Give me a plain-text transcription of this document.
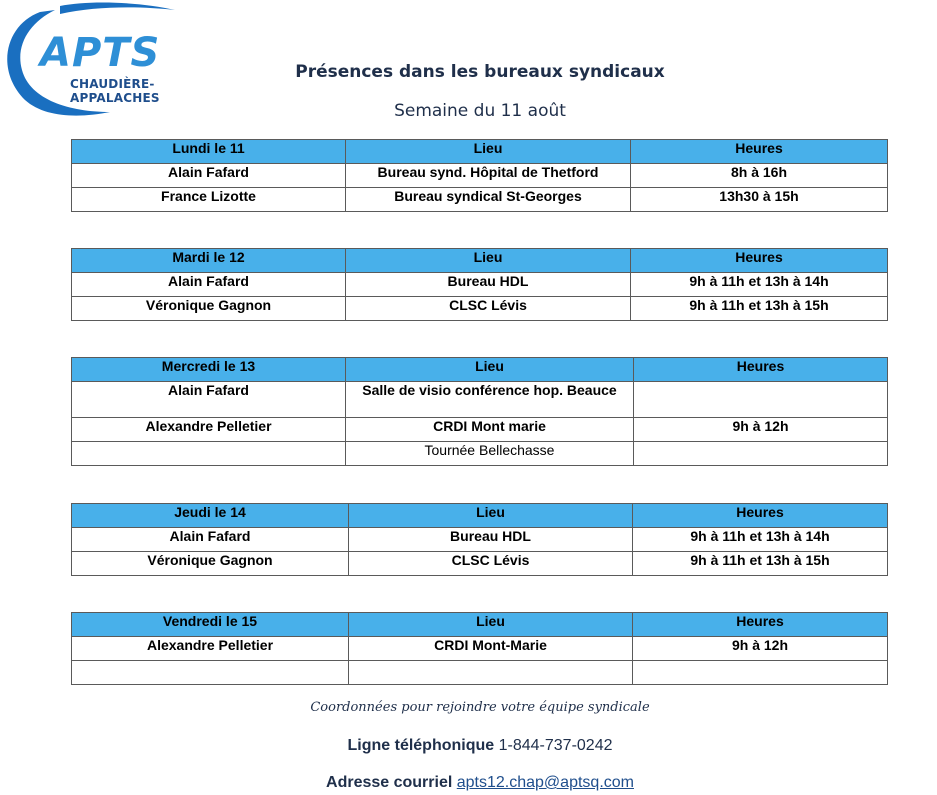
APTS
CHAUDIÈRE-APPALACHES
Présences dans les bureaux syndicaux
Semaine du 11 août
Lundi le 11	Lieu	Heures
Alain Fafard	Bureau synd. Hôpital de Thetford	8h à 16h
France Lizotte	Bureau syndical St-Georges	13h30 à 15h
Mardi le 12	Lieu	Heures
Alain Fafard	Bureau HDL	9h à 11h et 13h à 14h
Véronique Gagnon	CLSC Lévis	9h à 11h et 13h à 15h
Mercredi le 13	Lieu	Heures
Alain Fafard	Salle de visio conférence hop. Beauce	
Alexandre Pelletier	CRDI Mont marie	9h à 12h
	Tournée Bellechasse	
Jeudi le 14	Lieu	Heures
Alain Fafard	Bureau HDL	9h à 11h et 13h à 14h
Véronique Gagnon	CLSC Lévis	9h à 11h et 13h à 15h
Vendredi le 15	Lieu	Heures
Alexandre Pelletier	CRDI Mont-Marie	9h à 12h

Coordonnées pour rejoindre votre équipe syndicale
Ligne téléphonique 1-844-737-0242
Adresse courriel apts12.chap@aptsq.com
